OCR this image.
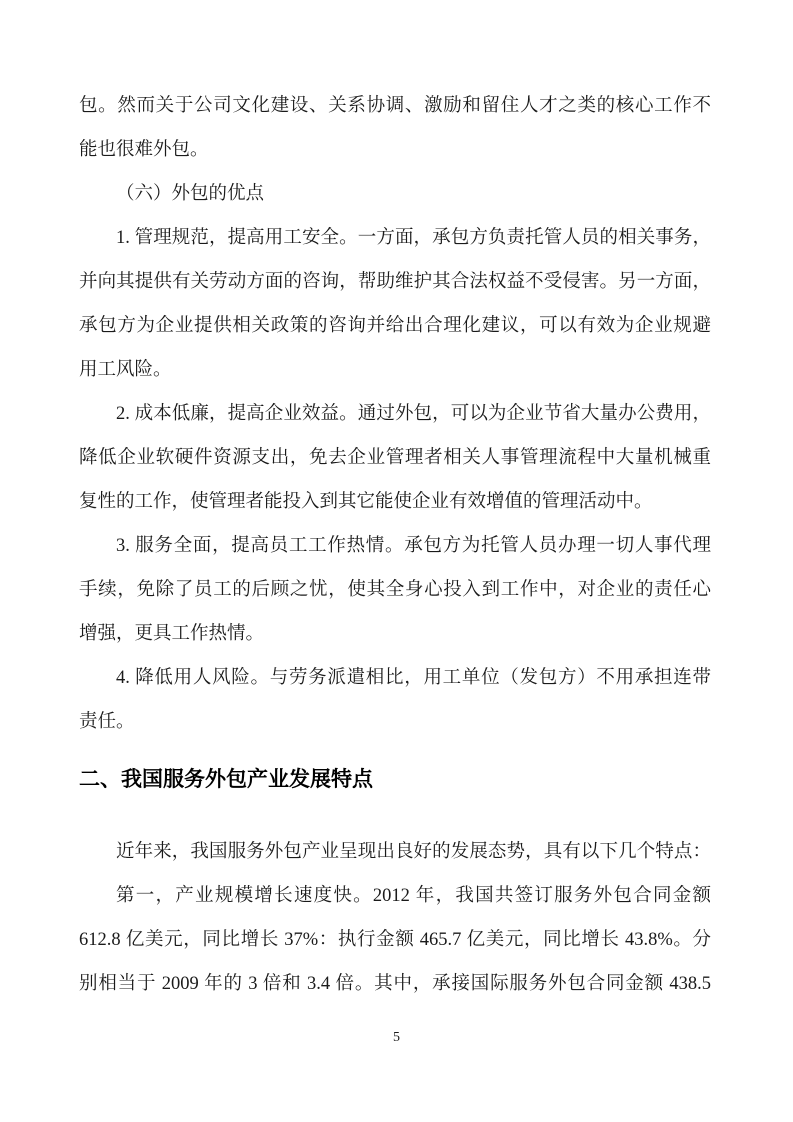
包。然而关于公司文化建设、关系协调、激励和留住人才之类的核心工作不
能也很难外包。
（六）外包的优点
1. 管理规范，提高用工安全。一方面，承包方负责托管人员的相关事务，
并向其提供有关劳动方面的咨询，帮助维护其合法权益不受侵害。另一方面，
承包方为企业提供相关政策的咨询并给出合理化建议，可以有效为企业规避
用工风险。
2. 成本低廉，提高企业效益。通过外包，可以为企业节省大量办公费用，
降低企业软硬件资源支出，免去企业管理者相关人事管理流程中大量机械重
复性的工作，使管理者能投入到其它能使企业有效增值的管理活动中。
3. 服务全面，提高员工工作热情。承包方为托管人员办理一切人事代理
手续，免除了员工的后顾之忧，使其全身心投入到工作中，对企业的责任心
增强，更具工作热情。
4. 降低用人风险。与劳务派遣相比，用工单位（发包方）不用承担连带
责任。
二、我国服务外包产业发展特点
近年来，我国服务外包产业呈现出良好的发展态势，具有以下几个特点：
第一，产业规模增长速度快。2012 年，我国共签订服务外包合同金额
612.8 亿美元，同比增长 37%：执行金额 465.7 亿美元，同比增长 43.8%。分
别相当于 2009 年的 3 倍和 3.4 倍。其中，承接国际服务外包合同金额 438.5
5
